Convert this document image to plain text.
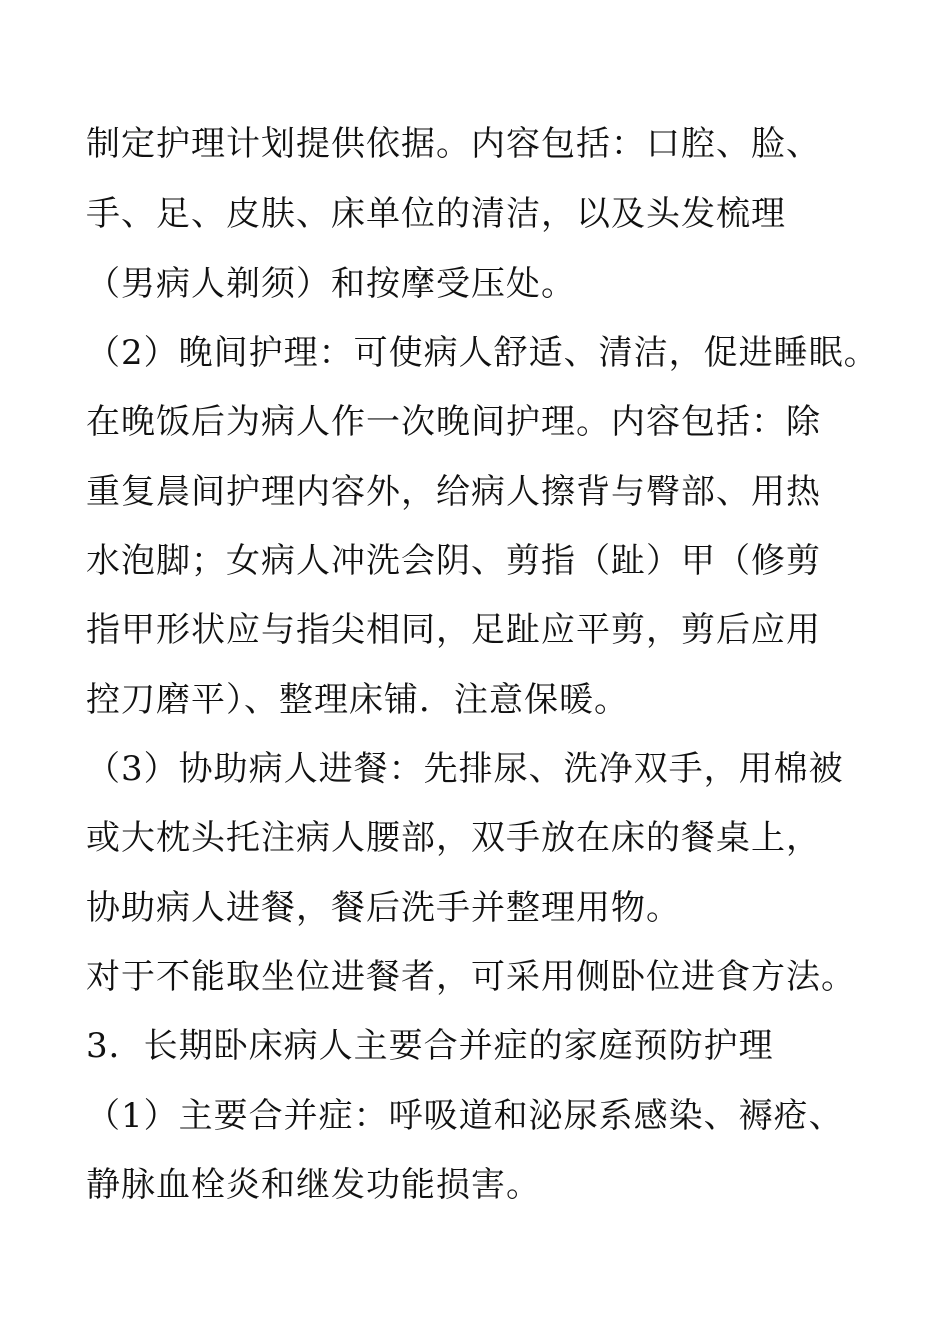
制定护理计划提供依据。内容包括：口腔、脸、
手、足、皮肤、床单位的清洁，以及头发梳理
（男病人剃须）和按摩受压处。
（2）晚间护理：可使病人舒适、清洁，促进睡眠。
在晚饭后为病人作一次晚间护理。内容包括：除
重复晨间护理内容外，给病人擦背与臀部、用热
水泡脚；女病人冲洗会阴、剪指（趾）甲（修剪
指甲形状应与指尖相同，足趾应平剪，剪后应用
控刀磨平）、整理床铺．注意保暖。
（3）协助病人进餐：先排尿、洗净双手，用棉被
或大枕头托注病人腰部，双手放在床的餐桌上，
协助病人进餐，餐后洗手并整理用物。
对于不能取坐位进餐者，可采用侧卧位进食方法。
3．长期卧床病人主要合并症的家庭预防护理
（1）主要合并症：呼吸道和泌尿系感染、褥疮、
静脉血栓炎和继发功能损害。
